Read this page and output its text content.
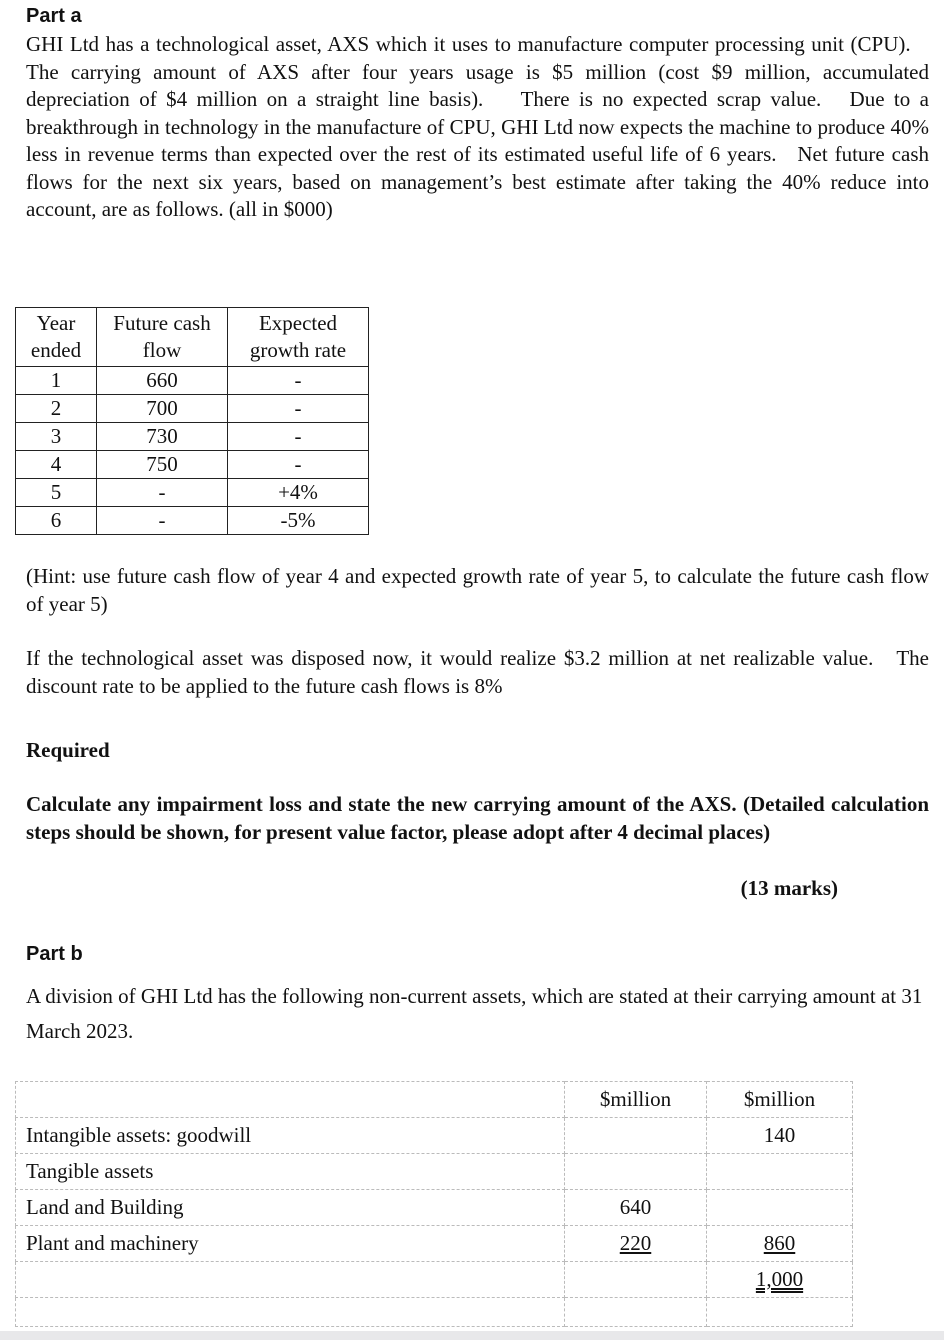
Part a
GHI Ltd has a technological asset, AXS which it uses to manufacture computer processing unit (CPU).    The carrying amount of AXS after four years usage is $5 million (cost $9 million, accumulated depreciation of $4 million on a straight line basis).    There is no expected scrap value.   Due to a breakthrough in technology in the manufacture of CPU, GHI Ltd now expects the machine to produce 40% less in revenue terms than expected over the rest of its estimated useful life of 6 years.   Net future cash flows for the next six years, based on management’s best estimate after taking the 40% reduce into account, are as follows. (all in $000)
Year ended	Future cash flow	Expected growth rate
1	660	-
2	700	-
3	730	-
4	750	-
5	-	+4%
6	-	-5%
(Hint: use future cash flow of year 4 and expected growth rate of year 5, to calculate the future cash flow of year 5)
If the technological asset was disposed now, it would realize $3.2 million at net realizable value.   The discount rate to be applied to the future cash flows is 8%
Required
Calculate any impairment loss and state the new carrying amount of the AXS. (Detailed calculation steps should be shown, for present value factor, please adopt after 4 decimal places)
(13 marks)
Part b
A division of GHI Ltd has the following non-current assets, which are stated at their carrying amount at 31 March 2023.
	$million	$million
Intangible assets: goodwill		140
Tangible assets		
Land and Building	640	
Plant and machinery	220	860
		1,000
